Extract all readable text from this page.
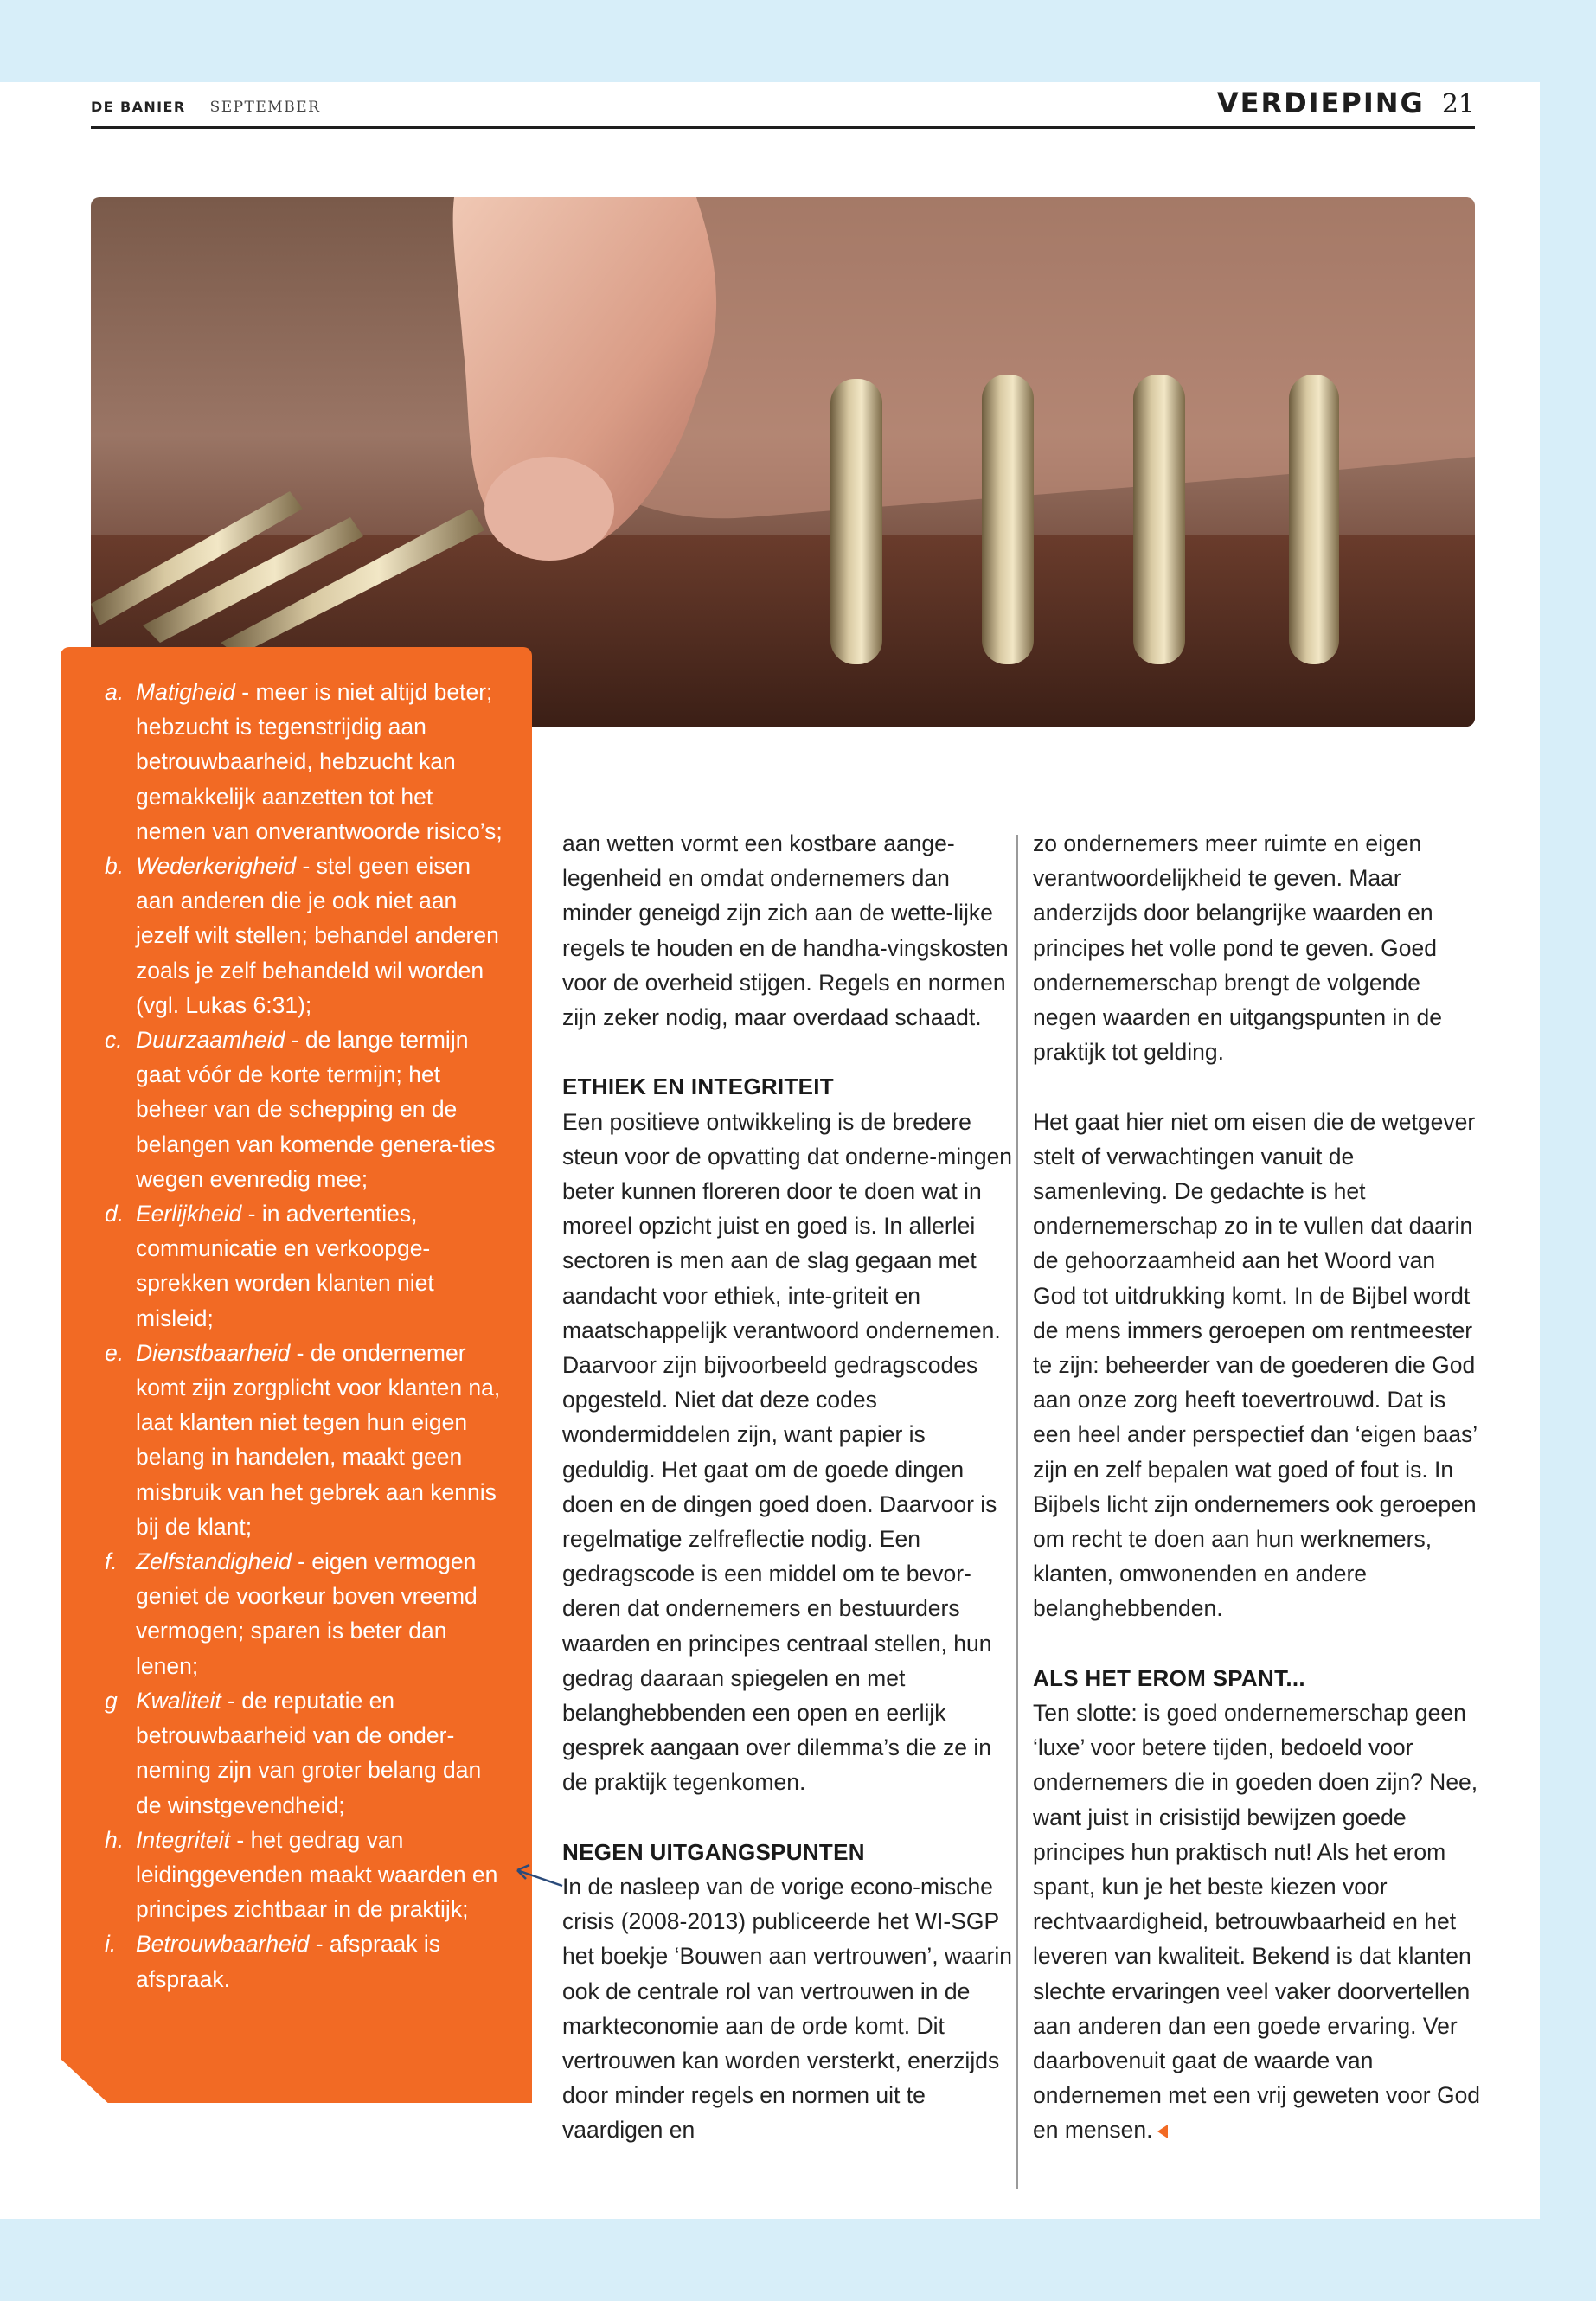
DE BANIER SEPTEMBER	VERDIEPING 21
a. Matigheid - meer is niet altijd beter; hebzucht is tegenstrijdig aan betrouwbaarheid, hebzucht kan gemakkelijk aanzetten tot het nemen van onverantwoorde risico’s;
b. Wederkerigheid - stel geen eisen aan anderen die je ook niet aan jezelf wilt stellen; behandel anderen zoals je zelf behandeld wil worden (vgl. Lukas 6:31);
c. Duurzaamheid - de lange termijn gaat vóór de korte termijn; het beheer van de schepping en de belangen van komende genera-ties wegen evenredig mee;
d. Eerlijkheid - in advertenties, communicatie en verkoopge-sprekken worden klanten niet misleid;
e. Dienstbaarheid - de ondernemer komt zijn zorgplicht voor klanten na, laat klanten niet tegen hun eigen belang in handelen, maakt geen misbruik van het gebrek aan kennis bij de klant;
f. Zelfstandigheid - eigen vermogen geniet de voorkeur boven vreemd vermogen; sparen is beter dan lenen;
g Kwaliteit - de reputatie en betrouwbaarheid van de onder-neming zijn van groter belang dan de winstgevendheid;
h. Integriteit - het gedrag van leidinggevenden maakt waarden en principes zichtbaar in de praktijk;
i. Betrouwbaarheid - afspraak is afspraak.

aan wetten vormt een kostbare aange-legenheid en omdat ondernemers dan minder geneigd zijn zich aan de wette-lijke regels te houden en de handha-vingskosten voor de overheid stijgen. Regels en normen zijn zeker nodig, maar overdaad schaadt.

ETHIEK EN INTEGRITEIT

Een positieve ontwikkeling is de bredere steun voor de opvatting dat onderne-mingen beter kunnen floreren door te doen wat in moreel opzicht juist en goed is. In allerlei sectoren is men aan de slag gegaan met aandacht voor ethiek, inte-griteit en maatschappelijk verantwoord ondernemen. Daarvoor zijn bijvoorbeeld gedragscodes opgesteld. Niet dat deze codes wondermiddelen zijn, want papier is geduldig. Het gaat om de goede dingen doen en de dingen goed doen. Daarvoor is regelmatige zelfreflectie nodig. Een gedragscode is een middel om te bevor-deren dat ondernemers en bestuurders waarden en principes centraal stellen, hun gedrag daaraan spiegelen en met belanghebbenden een open en eerlijk gesprek aangaan over dilemma’s die ze in de praktijk tegenkomen.

NEGEN UITGANGSPUNTEN

In de nasleep van de vorige econo-mische crisis (2008-2013) publiceerde het WI-SGP het boekje ‘Bouwen aan vertrouwen’, waarin ook de centrale rol van vertrouwen in de markteconomie aan de orde komt. Dit vertrouwen kan worden versterkt, enerzijds door minder regels en normen uit te vaardigen en

zo ondernemers meer ruimte en eigen verantwoordelijkheid te geven. Maar anderzijds door belangrijke waarden en principes het volle pond te geven. Goed ondernemerschap brengt de volgende negen waarden en uitgangspunten in de praktijk tot gelding.

Het gaat hier niet om eisen die de wetgever stelt of verwachtingen vanuit de samenleving. De gedachte is het ondernemerschap zo in te vullen dat daarin de gehoorzaamheid aan het Woord van God tot uitdrukking komt. In de Bijbel wordt de mens immers geroepen om rentmeester te zijn: beheerder van de goederen die God aan onze zorg heeft toevertrouwd. Dat is een heel ander perspectief dan ‘eigen baas’ zijn en zelf bepalen wat goed of fout is. In Bijbels licht zijn ondernemers ook geroepen om recht te doen aan hun werknemers, klanten, omwonenden en andere belanghebbenden.

ALS HET EROM SPANT...

Ten slotte: is goed ondernemerschap geen ‘luxe’ voor betere tijden, bedoeld voor ondernemers die in goeden doen zijn? Nee, want juist in crisistijd bewijzen goede principes hun praktisch nut! Als het erom spant, kun je het beste kiezen voor rechtvaardigheid, betrouwbaarheid en het leveren van kwaliteit. Bekend is dat klanten slechte ervaringen veel vaker doorvertellen aan anderen dan een goede ervaring. Ver daarbovenuit gaat de waarde van ondernemen met een vrij geweten voor God en mensen.
